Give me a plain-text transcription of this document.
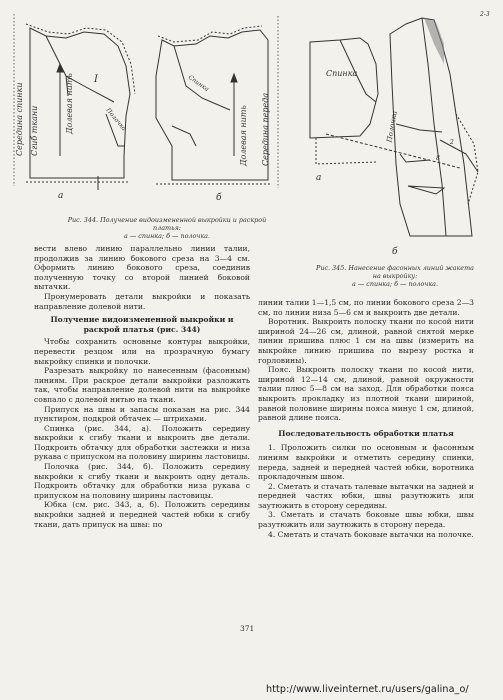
Середина спинки Сгиб ткани	Долевая нить I
Полочка
Спинка
Долевая нить Середина переда
а	б
Рис. 344. Получение видоизмененной выкройки и раскрой
платья:
а — спинка; б — полочка.
Спинка
Полочка
2-3
8
2
а
б
Рис. 345. Нанесение фасонных линий жакета
на выкройку:
а — спинка; б — полочка.

вести влево линию параллельно линии талии, продолжив за линию бокового среза на 3—4 см. Оформить линию бокового среза, соединив полученную точку со второй линией боковой вытачки.

Пронумеровать детали выкройки и показать направление долевой нити.

Получение видоизмененной выкройки и раскрой платья (рис. 344)

Чтобы сохранить основные контуры выкройки, перевести резцом или на прозрачную бумагу выкройку спинки и полочки.

Разрезать выкройку по нанесенным (фасонным) линиям. При раскрое детали выкройки разложить так, чтобы направление долевой нити на выкройке совпало с долевой нитью на ткани.

Припуск на швы и запасы показан на рис. 344 пунктиром, подкрой обтачек — штрихами.

Спинка (рис. 344, а). Положить середину выкройки к сгибу ткани и выкроить две детали. Подкроить обтачку для обработки застежки и низа рукава с припуском на половину ширины ластовицы.

Полочка (рис. 344, б). Положить середину выкройки к сгибу ткани и выкроить одну деталь. Подкроить обтачку для обработки низа рукава с припуском на половину ширины ластовицы.

Юбка (см. рис. 343, а, б). Положить середины выкройки задней и передней частей юбки к сгибу ткани, дать припуск на швы: по

линии талии 1—1,5 см, по линии бокового среза 2—3 см, по линии низа 5—6 см и выкроить две детали.

Воротник. Выкроить полоску ткани по косой нити шириной 24—26 см, длиной, равной снятой мерке линии пришива плюс 1 см на швы (измерить на выкройке линию пришива по вырезу ростка и горловины).

Пояс. Выкроить полоску ткани по косой нити, шириной 12—14 см, длиной, равной окружности талии плюс 5—8 см на заход. Для обработки пояса выкроить прокладку из плотной ткани шириной, равной половине ширины пояса минус 1 см, длиной, равной длине пояса.

Последовательность обработки платья

1. Проложить силки по основным и фасонным линиям выкройки и отметить середину спинки, переда, задней и передней частей юбки, воротника прокладочным швом.

2. Сметать и стачать талевые вытачки на задней и передней частях юбки, швы разутюжить или заутюжить в сторону середины.

3. Сметать и стачать боковые швы юбки, швы разутюжить или заутюжить в сторону переда.

4. Сметать и стачать боковые вытачки на полочке.

371
http://www.liveinternet.ru/users/galina_o/
